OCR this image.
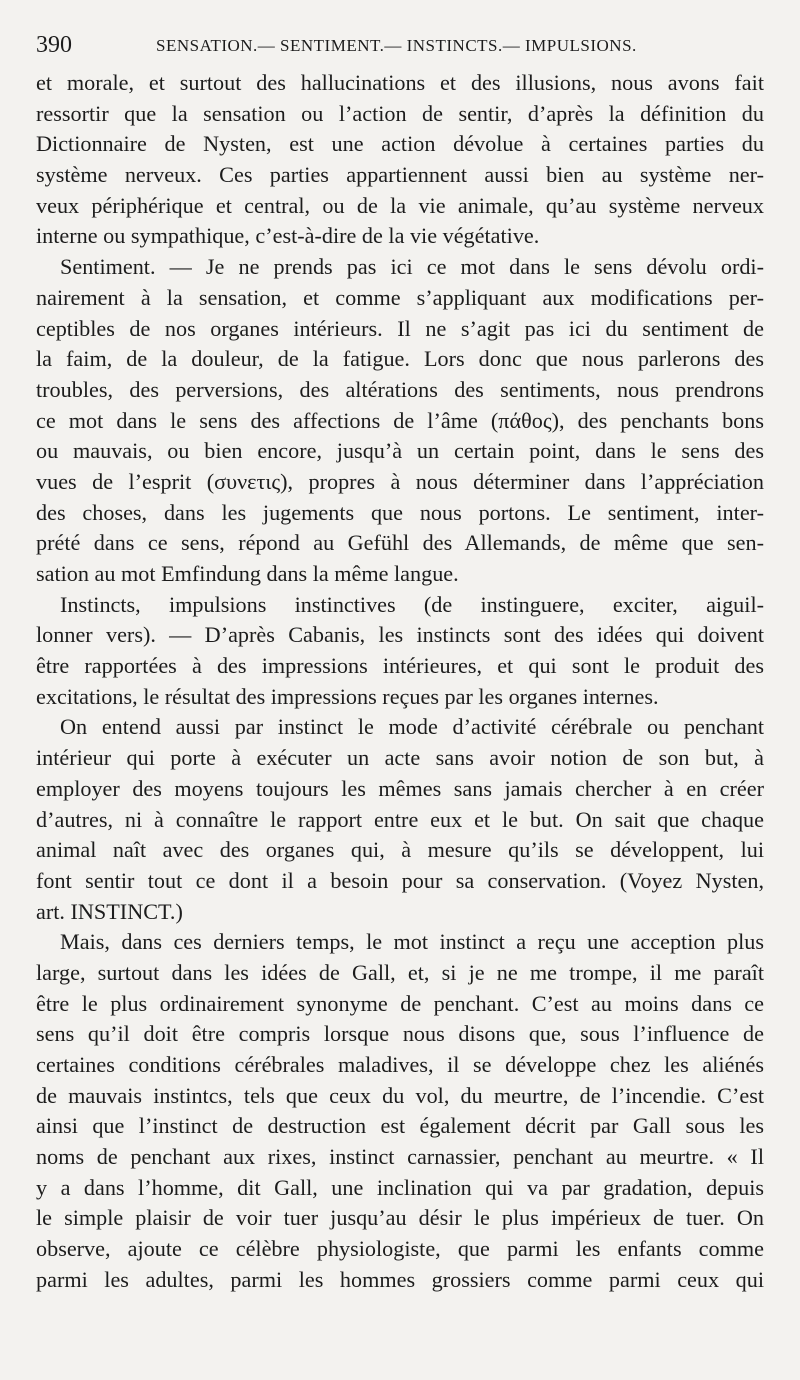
390	SENSATION.— SENTIMENT.— INSTINCTS.— IMPULSIONS.
et morale, et surtout des hallucinations et des illusions, nous avons fait
ressortir que la sensation ou l’action de sentir, d’après la définition du
Dictionnaire de Nysten, est une action dévolue à certaines parties du
système nerveux. Ces parties appartiennent aussi bien au système ner-
veux périphérique et central, ou de la vie animale, qu’au système nerveux
interne ou sympathique, c’est-à-dire de la vie végétative.
Sentiment. — Je ne prends pas ici ce mot dans le sens dévolu ordi-
nairement à la sensation, et comme s’appliquant aux modifications per-
ceptibles de nos organes intérieurs. Il ne s’agit pas ici du sentiment de
la faim, de la douleur, de la fatigue. Lors donc que nous parlerons des
troubles, des perversions, des altérations des sentiments, nous prendrons
ce mot dans le sens des affections de l’âme (πάθος), des penchants bons
ou mauvais, ou bien encore, jusqu’à un certain point, dans le sens des
vues de l’esprit (συνετις), propres à nous déterminer dans l’appréciation
des choses, dans les jugements que nous portons. Le sentiment, inter-
prété dans ce sens, répond au Gefühl des Allemands, de même que sen-
sation au mot Emfindung dans la même langue.
Instincts, impulsions instinctives (de instinguere, exciter, aiguil-
lonner vers). — D’après Cabanis, les instincts sont des idées qui doivent
être rapportées à des impressions intérieures, et qui sont le produit des
excitations, le résultat des impressions reçues par les organes internes.
On entend aussi par instinct le mode d’activité cérébrale ou penchant
intérieur qui porte à exécuter un acte sans avoir notion de son but, à
employer des moyens toujours les mêmes sans jamais chercher à en créer
d’autres, ni à connaître le rapport entre eux et le but. On sait que chaque
animal naît avec des organes qui, à mesure qu’ils se développent, lui
font sentir tout ce dont il a besoin pour sa conservation. (Voyez Nysten,
art. INSTINCT.)
Mais, dans ces derniers temps, le mot instinct a reçu une acception plus
large, surtout dans les idées de Gall, et, si je ne me trompe, il me paraît
être le plus ordinairement synonyme de penchant. C’est au moins dans ce
sens qu’il doit être compris lorsque nous disons que, sous l’influence de
certaines conditions cérébrales maladives, il se développe chez les aliénés
de mauvais instintcs, tels que ceux du vol, du meurtre, de l’incendie. C’est
ainsi que l’instinct de destruction est également décrit par Gall sous les
noms de penchant aux rixes, instinct carnassier, penchant au meurtre. « Il
y a dans l’homme, dit Gall, une inclination qui va par gradation, depuis
le simple plaisir de voir tuer jusqu’au désir le plus impérieux de tuer. On
observe, ajoute ce célèbre physiologiste, que parmi les enfants comme
parmi les adultes, parmi les hommes grossiers comme parmi ceux qui
